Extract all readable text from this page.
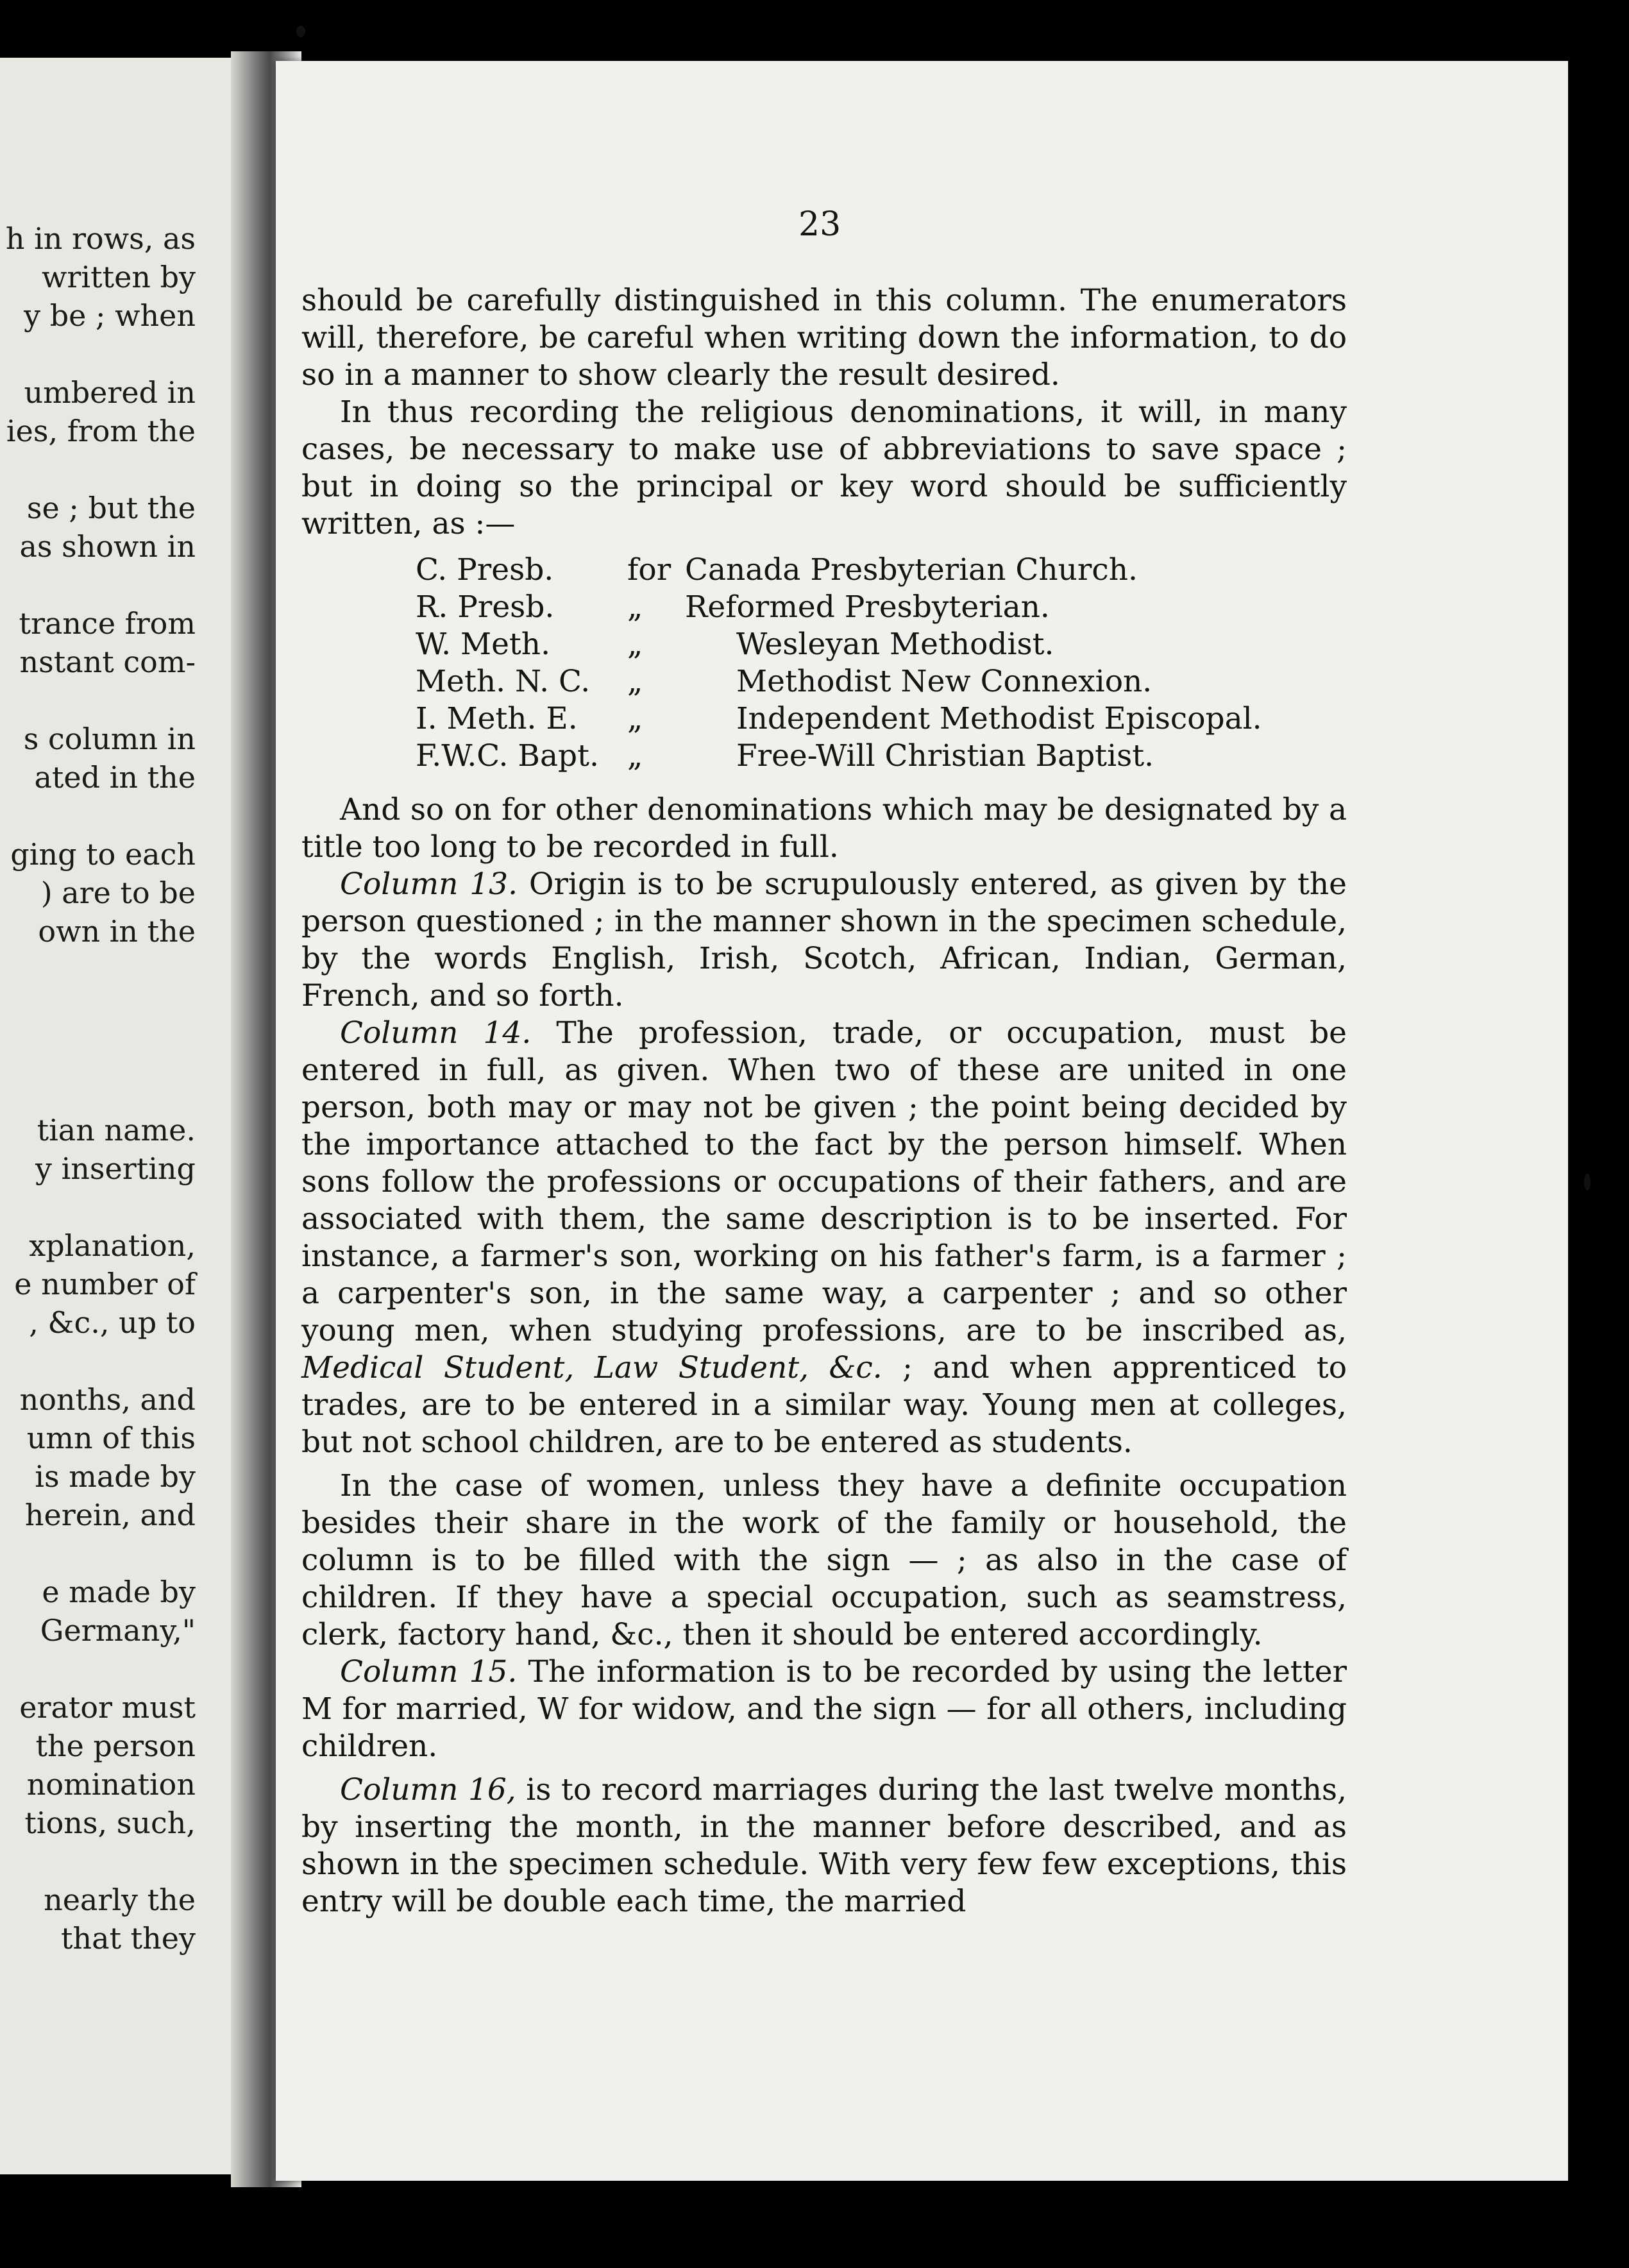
h in rows, as
written by
y be ; when
umbered in
ies, from the
se ; but the
as shown in
trance from
nstant com-
s column in
ated in the
ging to each
) are to be
own in the
tian name.
y inserting
xplanation,
e number of
, &c., up to
nonths, and
umn of this
is made by
herein, and
e made by
Germany,"
erator must
the person
nomination
tions, such,
nearly the
that they
23

should be carefully distinguished in this column. The enumerators will, therefore, be careful when writing down the information, to do so in a manner to show clearly the result desired.

In thus recording the religious denominations, it will, in many cases, be necessary to make use of abbreviations to save space ; but in doing so the principal or key word should be sufficiently written, as :—

C. Presb.	for	Canada Presbyterian Church.
R. Presb.	„	Reformed Presbyterian.
W. Meth.	„	Wesleyan Methodist.
Meth. N. C.	„	Methodist New Connexion.
I. Meth. E.	„	Independent Methodist Episcopal.
F.W.C. Bapt.	„	Free-Will Christian Baptist.

And so on for other denominations which may be designated by a title too long to be recorded in full.

Column 13. Origin is to be scrupulously entered, as given by the person questioned ; in the manner shown in the specimen schedule, by the words English, Irish, Scotch, African, Indian, German, French, and so forth.

Column 14. The profession, trade, or occupation, must be entered in full, as given. When two of these are united in one person, both may or may not be given ; the point being decided by the importance attached to the fact by the person himself. When sons follow the professions or occupations of their fathers, and are associated with them, the same description is to be inserted. For instance, a farmer's son, working on his father's farm, is a farmer ; a carpenter's son, in the same way, a carpenter ; and so other young men, when studying professions, are to be inscribed as, Medical Student, Law Student, &c. ; and when apprenticed to trades, are to be entered in a similar way. Young men at colleges, but not school children, are to be entered as students.

In the case of women, unless they have a definite occupation besides their share in the work of the family or household, the column is to be filled with the sign — ; as also in the case of children. If they have a special occupation, such as seamstress, clerk, factory hand, &c., then it should be entered accordingly.

Column 15. The information is to be recorded by using the letter M for married, W for widow, and the sign — for all others, including children.

Column 16, is to record marriages during the last twelve months, by inserting the month, in the manner before described, and as shown in the specimen schedule. With very few few exceptions, this entry will be double each time, the married
